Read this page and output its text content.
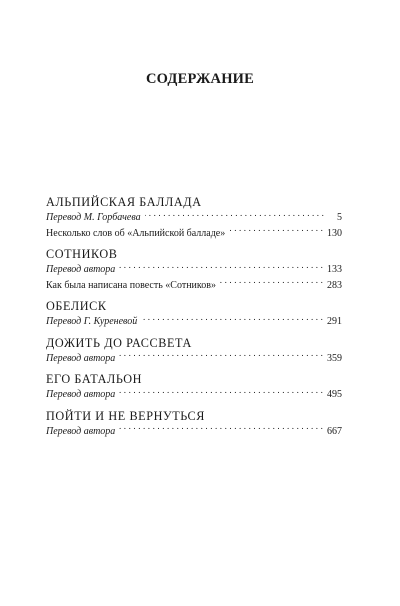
СОДЕРЖАНИЕ
АЛЬПИЙСКАЯ БАЛЛАДА
Перевод М. Горбачева . . .	5
Несколько слов об «Альпийской балладе» . . .	130
СОТНИКОВ
Перевод автора . . .	133
Как была написана повесть «Сотников» . . .	283
ОБЕЛИСК
Перевод Г. Куреневой . . .	291
ДОЖИТЬ ДО РАССВЕТА
Перевод автора . . .	359
ЕГО БАТАЛЬОН
Перевод автора . . .	495
ПОЙТИ И НЕ ВЕРНУТЬСЯ
Перевод автора . . .	667
